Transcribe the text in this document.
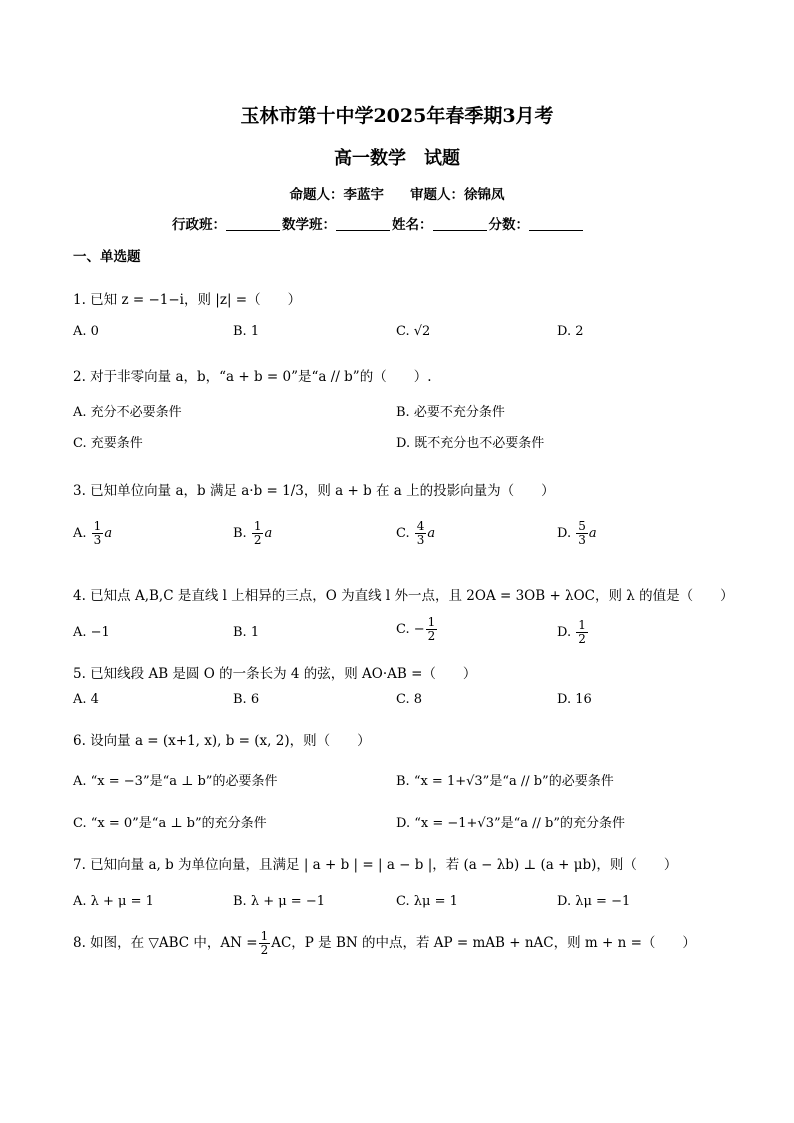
玉林市第十中学2025年春季期3月考
高一数学　试题
命题人：李蓝宇 审题人：徐锦凤
行政班：	数学班：	姓名：	分数：
一、单选题
1. 已知 z = −1−i，则 |z| =（　　）
A. 0	B. 1	C. √2	D. 2
2. 对于非零向量 a，b，“a + b = 0”是“a // b”的（　　）.
A. 充分不必要条件	B. 必要不充分条件
C. 充要条件	D. 既不充分也不必要条件
3. 已知单位向量 a，b 满足 a·b = 1/3，则 a + b 在 a 上的投影向量为（　　）
A. $\frac{1}{3}$ a	B. $\frac{1}{2}$ a	C. $\frac{4}{3}$ a	D. $\frac{5}{3}$ a
4. 已知点 A,B,C 是直线 l 上相异的三点，O 为直线 l 外一点，且 2OA = 3OB + λOC，则 λ 的值是（　　）
A. −1	B. 1	C. − $\frac{1}{2}$	D. $\frac{1}{2}$
5. 已知线段 AB 是圆 O 的一条长为 4 的弦，则 AO·AB =（　　）
A. 4	B. 6	C. 8	D. 16
6. 设向量 a = (x+1, x), b = (x, 2)，则（　　）
A. “x = −3”是“a ⊥ b”的必要条件	B. “x = 1+√3”是“a // b”的必要条件
C. “x = 0”是“a ⊥ b”的充分条件	D. “x = −1+√3”是“a // b”的充分条件
7. 已知向量 a, b 为单位向量，且满足 | a + b | = | a − b |，若 (a − λb) ⊥ (a + μb)，则（　　）
A. λ + μ = 1	B. λ + μ = −1	C. λμ = 1	D. λμ = −1
8. 如图，在 ▽ABC 中，AN = $\frac{1}{2}$ AC，P 是 BN 的中点，若 AP = mAB + nAC，则 m + n =（　　）
